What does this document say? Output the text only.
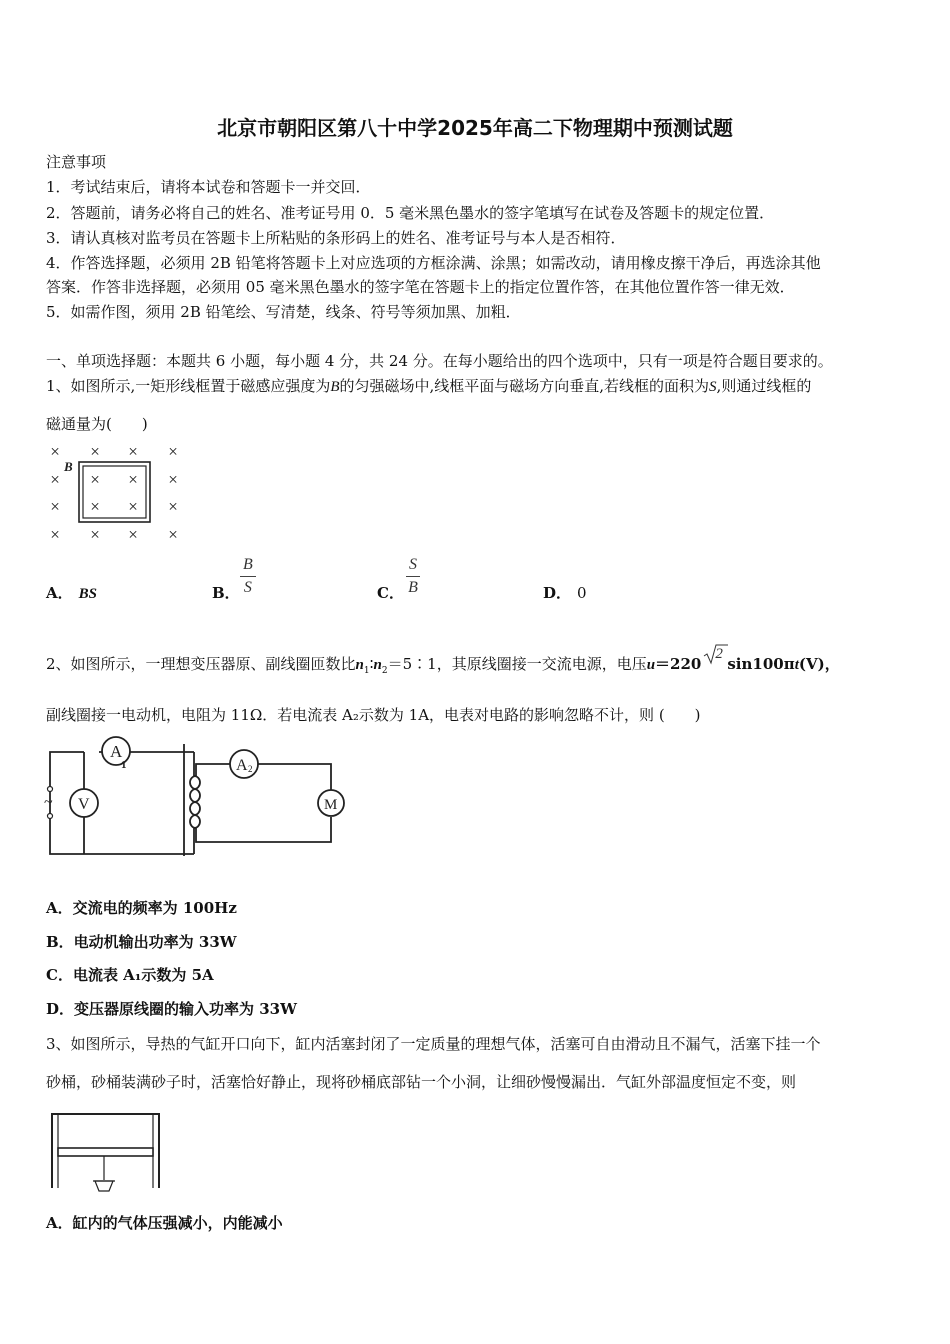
北京市朝阳区第八十中学2025年高二下物理期中预测试题
注意事项
1．考试结束后，请将本试卷和答题卡一并交回．
2．答题前，请务必将自己的姓名、准考证号用 0．5 毫米黑色墨水的签字笔填写在试卷及答题卡的规定位置．
3．请认真核对监考员在答题卡上所粘贴的条形码上的姓名、准考证号与本人是否相符．
4．作答选择题，必须用 2B 铅笔将答题卡上对应选项的方框涂满、涂黑；如需改动，请用橡皮擦干净后，再选涂其他
答案．作答非选择题，必须用 05 毫米黑色墨水的签字笔在答题卡上的指定位置作答，在其他位置作答一律无效．
5．如需作图，须用 2B 铅笔绘、写清楚，线条、符号等须加黑、加粗．
一、单项选择题：本题共 6 小题，每小题 4 分，共 24 分。在每小题给出的四个选项中，只有一项是符合题目要求的。
1、如图所示,一矩形线框置于磁感应强度为B的匀强磁场中,线框平面与磁场方向垂直,若线框的面积为S,则通过线框的
磁通量为(　　)
× × × ×
× × × ×
× × × ×
× × × ×
B
A． BS	B．
B
S	C．
S
B	D． 0
2、如图所示，一理想变压器原、副线圈匝数比$n_1∶n_2=5∶1$，其原线圈接一交流电源，电压u＝220
2
sin100πt(V)，
副线圈接一电动机，电阻为 11Ω．若电流表 A₂示数为 1A，电表对电路的影响忽略不计，则 (　　)
A
1
V
~
A 2
M
A．交流电的频率为 100Hz
B．电动机输出功率为 33W
C．电流表 A₁示数为 5A
D．变压器原线圈的输入功率为 33W
3、如图所示，导热的气缸开口向下，缸内活塞封闭了一定质量的理想气体，活塞可自由滑动且不漏气，活塞下挂一个
砂桶，砂桶装满砂子时，活塞恰好静止，现将砂桶底部钻一个小洞，让细砂慢慢漏出．气缸外部温度恒定不变，则
A．缸内的气体压强减小，内能减小
